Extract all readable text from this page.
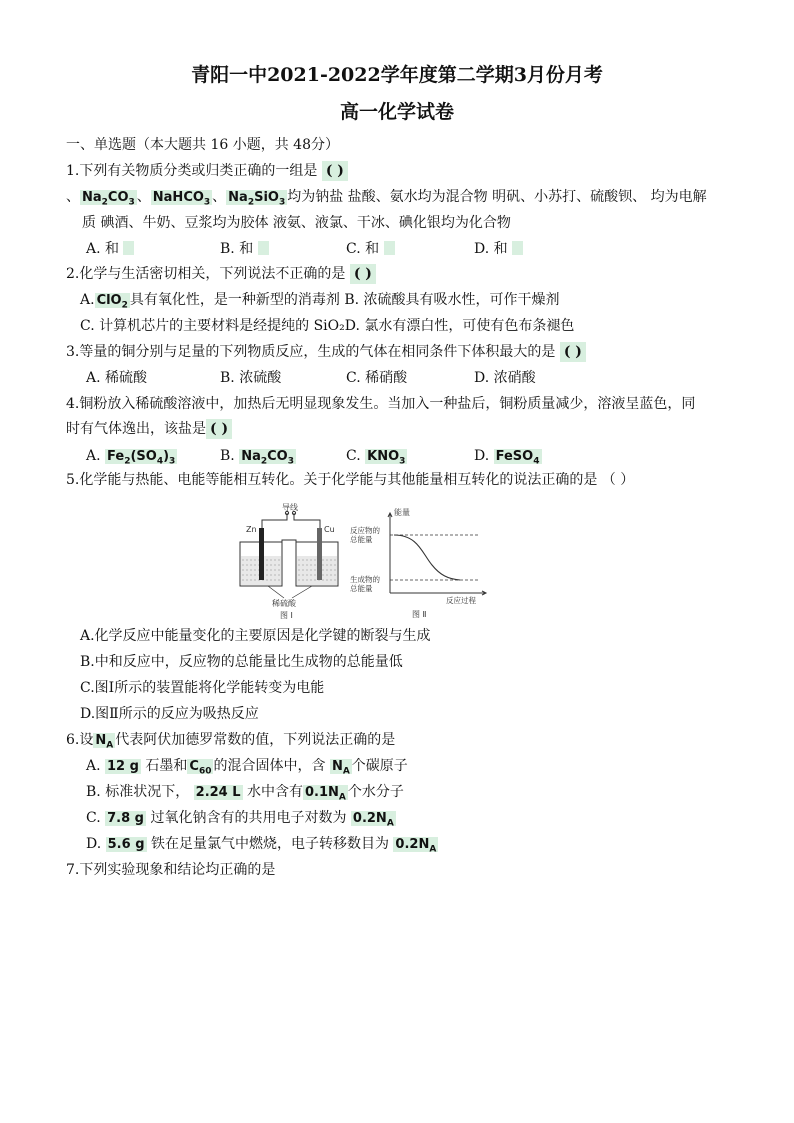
青阳一中2021-2022学年度第二学期3月份月考
高一化学试卷
一、单选题（本大题共 16 小题，共 48分）
1.下列有关物质分类或归类正确的一组是 ( )
、 $Na_2CO_3$ 、 NaHCO$_3$ 、 $Na_2SiO_3$ 均为钠盐 盐酸、氨水均为混合物 明矾、小苏打、硫酸钡、 均为电解
质 碘酒、牛奶、豆浆均为胶体 液氨、液氯、干冰、碘化银均为化合物
A. 和	B. 和	C. 和	D. 和
2.化学与生活密切相关，下列说法不正确的是 ( )
A. ClO$_2$ 具有氧化性，是一种新型的消毒剂 B. 浓硫酸具有吸水性，可作干燥剂
C. 计算机芯片的主要材料是经提纯的 SiO₂D. 氯水有漂白性，可使有色布条褪色
3.等量的铜分别与足量的下列物质反应，生成的气体在相同条件下体积最大的是 ( )
A. 稀硫酸	B. 浓硫酸	C. 稀硝酸	D. 浓硝酸
4.铜粉放入稀硫酸溶液中，加热后无明显现象发生。当加入一种盐后，铜粉质量减少，溶液呈蓝色，同
时有气体逸出，该盐是 ( )
A. $Fe_2(SO_4)_3$	B. $Na_2CO_3$	C. $KNO_3$	D. FeSO$_4$
5.化学能与热能、电能等能相互转化。关于化学能与其他能量相互转化的说法正确的是 （ ）
导线
Zn	Cu
稀硫酸
图 Ⅰ
能量
反应物的
总能量
生成物的
总能量
反应过程
图 Ⅱ
A.化学反应中能量变化的主要原因是化学键的断裂与生成
B.中和反应中，反应物的总能量比生成物的总能量低
C.图Ⅰ所示的装置能将化学能转变为电能
D.图Ⅱ所示的反应为吸热反应
6.设 $N_A$ 代表阿伏加德罗常数的值，下列说法正确的是
A. 12 g 石墨和 $C_{60}$ 的混合固体中，含 $N_A$ 个碳原子
B. 标准状况下， 2.24 L 水中含有 $0.1N_A$ 个水分子
C. 7.8 g 过氧化钠含有的共用电子对数为 $0.2N_A$
D. 5.6 g 铁在足量氯气中燃烧，电子转移数目为 $0.2N_A$
7.下列实验现象和结论均正确的是
